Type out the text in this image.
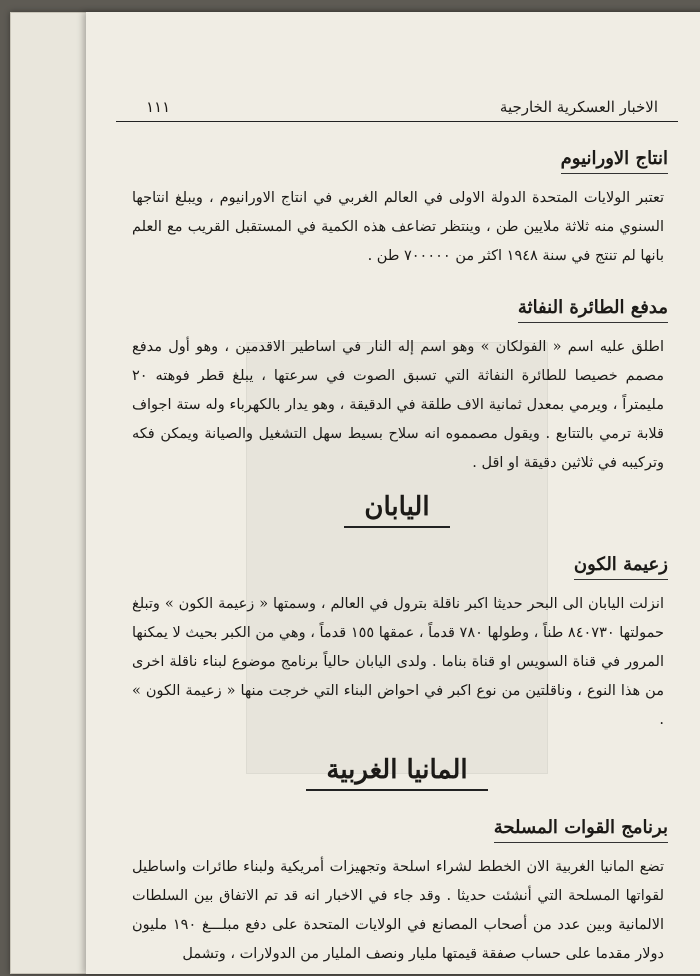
الاخبار العسكرية الخارجية
١١١
انتاج الاورانيوم
تعتبر الولايات المتحدة الدولة الاولى في العالم الغربي في انتاج الاورانيوم ، ويبلغ انتاجها السنوي منه ثلاثة ملايين طن ، وينتظر تضاعف هذه الكمية في المستقبل القريب مع العلم بانها لم تنتج في سنة ١٩٤٨ اكثر من ٧٠٠٠٠٠ طن .
مدفع الطائرة النفاثة
اطلق عليه اسم « الفولكان » وهو اسم إله النار في اساطير الاقدمين ، وهو أول مدفع مصمم خصيصا للطائرة النفاثة التي تسبق الصوت في سرعتها ، يبلغ قطر فوهته ٢٠ مليمتراً ، ويرمي بمعدل ثمانية الاف طلقة في الدقيقة ، وهو يدار بالكهرباء وله ستة اجواف قلابة ترمي بالتتابع . ويقول مصمموه انه سلاح بسيط سهل التشغيل والصيانة ويمكن فكه وتركيبه في ثلاثين دقيقة او اقل .
اليابان
زعيمة الكون
انزلت اليابان الى البحر حديثا اكبر ناقلة بترول في العالم ، وسمتها « زعيمة الكون » وتبلغ حمولتها ٨٤٠٧٣٠ طناً ، وطولها ٧٨٠ قدماً ، عمقها ١٥٥ قدماً ، وهي من الكبر بحيث لا يمكنها المرور في قناة السويس او قناة بناما . ولدى اليابان حالياً برنامج موضوع لبناء ناقلة اخرى من هذا النوع ، وناقلتين من نوع اكبر في احواض البناء التي خرجت منها « زعيمة الكون » .
المانيا الغربية
برنامج القوات المسلحة
تضع المانيا الغربية الان الخطط لشراء اسلحة وتجهيزات أمريكية ولبناء طائرات واساطيل لقواتها المسلحة التي أنشئت حديثا . وقد جاء في الاخبار انه قد تم الاتفاق بين السلطات الالمانية وبين عدد من أصحاب المصانع في الولايات المتحدة على دفع مبلـــغ ١٩٠ مليون دولار مقدما على حساب صفقة قيمتها مليار ونصف المليار من الدولارات ، وتشمل
